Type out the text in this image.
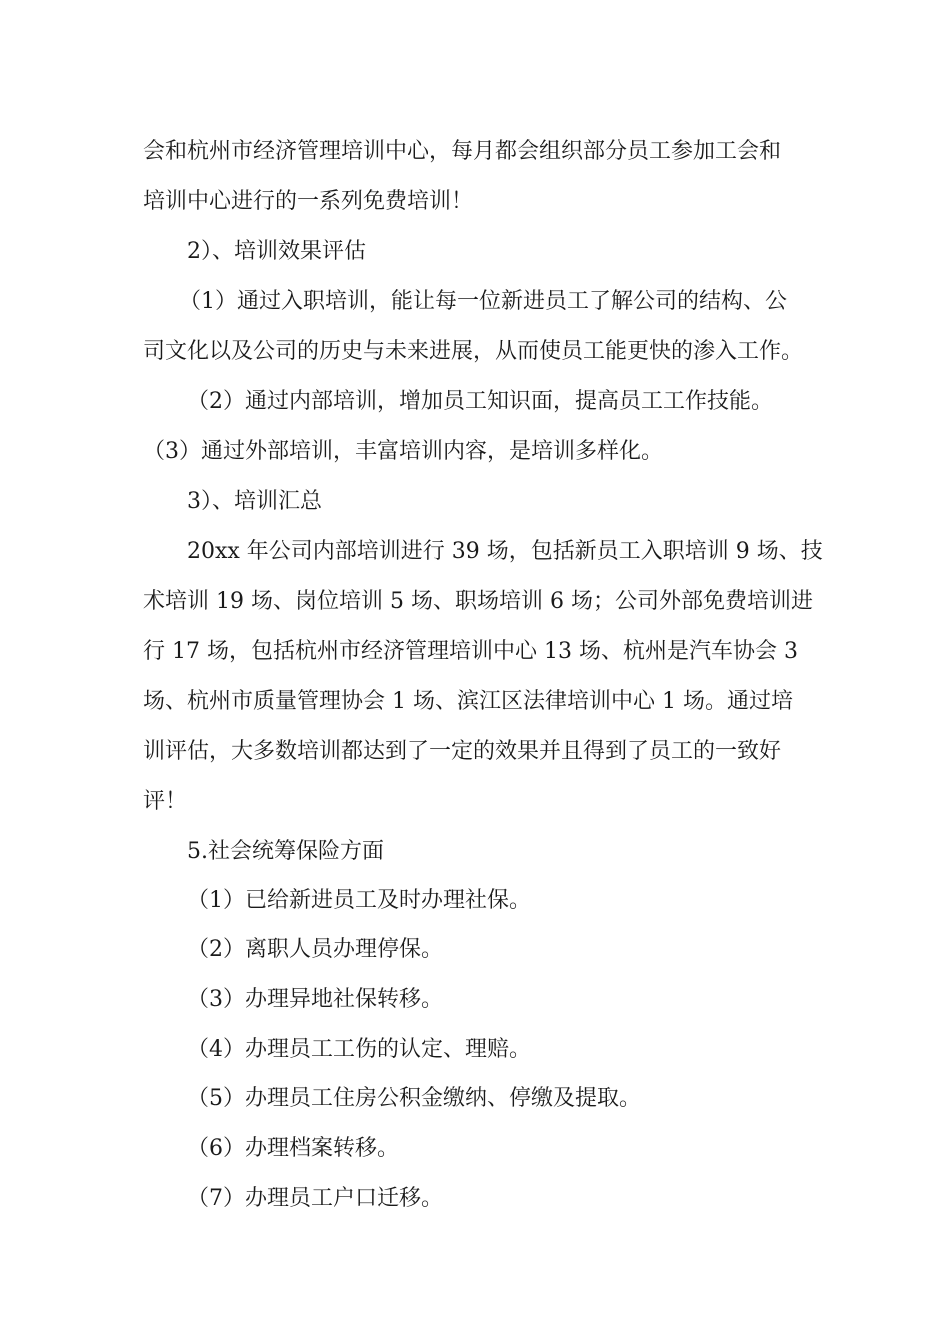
会和杭州市经济管理培训中心，每月都会组织部分员工参加工会和
培训中心进行的一系列免费培训！
2）、培训效果评估
（1）通过入职培训，能让每一位新进员工了解公司的结构、公
司文化以及公司的历史与未来进展，从而使员工能更快的渗入工作。
（2）通过内部培训，增加员工知识面，提高员工工作技能。
（3）通过外部培训，丰富培训内容，是培训多样化。
3）、培训汇总
20xx 年公司内部培训进行 39 场，包括新员工入职培训 9 场、技
术培训 19 场、岗位培训 5 场、职场培训 6 场；公司外部免费培训进
行 17 场，包括杭州市经济管理培训中心 13 场、杭州是汽车协会 3
场、杭州市质量管理协会 1 场、滨江区法律培训中心 1 场。通过培
训评估，大多数培训都达到了一定的效果并且得到了员工的一致好
评！
5.社会统筹保险方面
（1）已给新进员工及时办理社保。
（2）离职人员办理停保。
（3）办理异地社保转移。
（4）办理员工工伤的认定、理赔。
（5）办理员工住房公积金缴纳、停缴及提取。
（6）办理档案转移。
（7）办理员工户口迁移。
